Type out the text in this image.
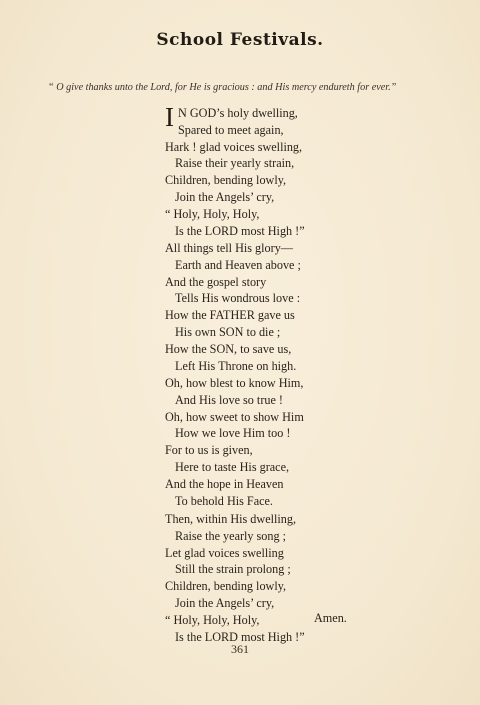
School Festivals.
“ O give thanks unto the Lord, for He is gracious : and His mercy endureth for ever.”
I N GOD’s holy dwelling,
Spared to meet again,
Hark ! glad voices swelling,
Raise their yearly strain,
Children, bending lowly,
Join the Angels’ cry,
“ Holy, Holy, Holy,
Is the LORD most High !”
All things tell His glory—
Earth and Heaven above ;
And the gospel story
Tells His wondrous love :
How the FATHER gave us
His own SON to die ;
How the SON, to save us,
Left His Throne on high.
Oh, how blest to know Him,
And His love so true !
Oh, how sweet to show Him
How we love Him too !
For to us is given,
Here to taste His grace,
And the hope in Heaven
To behold His Face.
Then, within His dwelling,
Raise the yearly song ;
Let glad voices swelling
Still the strain prolong ;
Children, bending lowly,
Join the Angels’ cry,
“ Holy, Holy, Holy,
Is the LORD most High !”
Amen.
361
